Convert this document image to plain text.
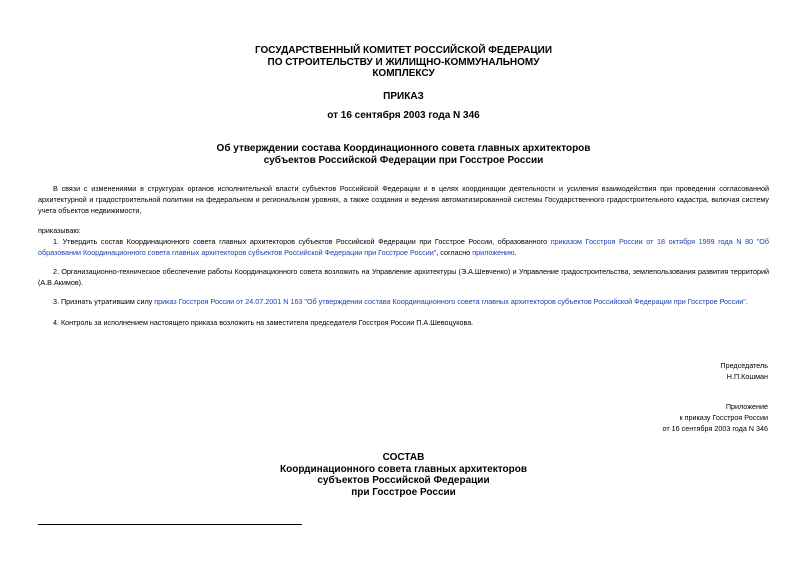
ГОСУДАРСТВЕННЫЙ КОМИТЕТ РОССИЙСКОЙ ФЕДЕРАЦИИ
ПО СТРОИТЕЛЬСТВУ И ЖИЛИЩНО-КОММУНАЛЬНОМУ
КОМПЛЕКСУ
ПРИКАЗ
от 16 сентября 2003 года N 346
Об утверждении состава Координационного совета главных архитекторов
субъектов Российской Федерации при Госстрое России
В связи с изменениями в структурах органов исполнительной власти субъектов Российской Федерации и в целях координации деятельности и усиления взаимодействия при проведении согласованной архитектурной и градостроительной политики на федеральном и региональном уровнях, а также создания и ведения автоматизированной системы Государственного градостроительного кадастра, включая систему учета объектов недвижимости,
приказываю:
1. Утвердить состав Координационного совета главных архитекторов субъектов Российской Федерации при Госстрое России, образованного приказом Госстроя России от 18 октября 1999 года N 80 "Об образовании Координационного совета главных архитекторов субъектов Российской Федерации при Госстрое России", согласно приложению.
2. Организационно-техническое обеспечение работы Координационного совета возложить на Управление архитектуры (Э.А.Шевченко) и Управление градостроительства, землепользования развития территорий (А.В.Акимов).
3. Признать утратившим силу приказ Госстроя России от 24.07.2001 N 163 "Об утверждении состава Координационного совета главных архитекторов субъектов Российской Федерации при Госстрое России".
4. Контроль за исполнением настоящего приказа возложить на заместителя председателя Госстроя России П.А.Шевоцукова.
Председатель
Н.П.Кошман
Приложение
к приказу Госстроя России
от 16 сентября 2003 года N 346
СОСТАВ
Координационного совета главных архитекторов
субъектов Российской Федерации
при Госстрое России
